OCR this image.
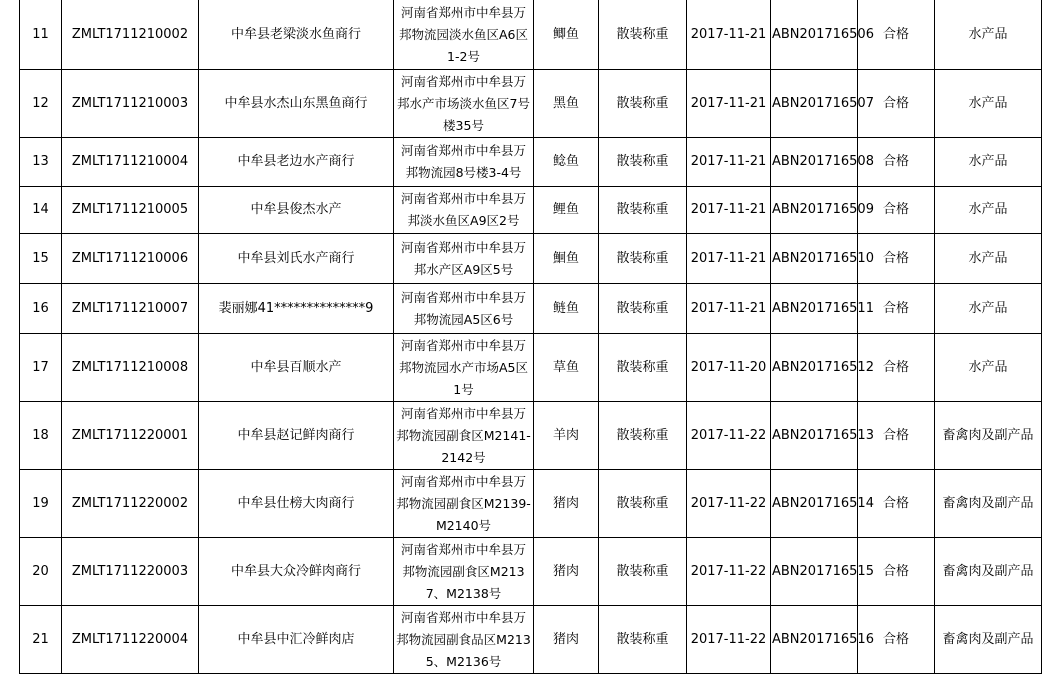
11	ZMLT1711210002	中牟县老梁淡水鱼商行	河南省郑州市中牟县万邦物流园淡水鱼区A6区1-2号	鲫鱼	散装称重	2017-11-21	ABN201716506	合格	水产品
12	ZMLT1711210003	中牟县水杰山东黑鱼商行	河南省郑州市中牟县万邦水产市场淡水鱼区7号楼35号	黑鱼	散装称重	2017-11-21	ABN201716507	合格	水产品
13	ZMLT1711210004	中牟县老边水产商行	河南省郑州市中牟县万邦物流园8号楼3-4号	鲶鱼	散装称重	2017-11-21	ABN201716508	合格	水产品
14	ZMLT1711210005	中牟县俊杰水产	河南省郑州市中牟县万邦淡水鱼区A9区2号	鲤鱼	散装称重	2017-11-21	ABN201716509	合格	水产品
15	ZMLT1711210006	中牟县刘氏水产商行	河南省郑州市中牟县万邦水产区A9区5号	鮰鱼	散装称重	2017-11-21	ABN201716510	合格	水产品
16	ZMLT1711210007	裴丽娜41**************9	河南省郑州市中牟县万邦物流园A5区6号	鲢鱼	散装称重	2017-11-21	ABN201716511	合格	水产品
17	ZMLT1711210008	中牟县百顺水产	河南省郑州市中牟县万邦物流园水产市场A5区1号	草鱼	散装称重	2017-11-20	ABN201716512	合格	水产品
18	ZMLT1711220001	中牟县赵记鲜肉商行	河南省郑州市中牟县万邦物流园副食区M2141-2142号	羊肉	散装称重	2017-11-22	ABN201716513	合格	畜禽肉及副产品
19	ZMLT1711220002	中牟县仕榜大肉商行	河南省郑州市中牟县万邦物流园副食区M2139-M2140号	猪肉	散装称重	2017-11-22	ABN201716514	合格	畜禽肉及副产品
20	ZMLT1711220003	中牟县大众冷鲜肉商行	河南省郑州市中牟县万邦物流园副食区M2137、M2138号	猪肉	散装称重	2017-11-22	ABN201716515	合格	畜禽肉及副产品
21	ZMLT1711220004	中牟县中汇冷鲜肉店	河南省郑州市中牟县万邦物流园副食品区M2135、M2136号	猪肉	散装称重	2017-11-22	ABN201716516	合格	畜禽肉及副产品
